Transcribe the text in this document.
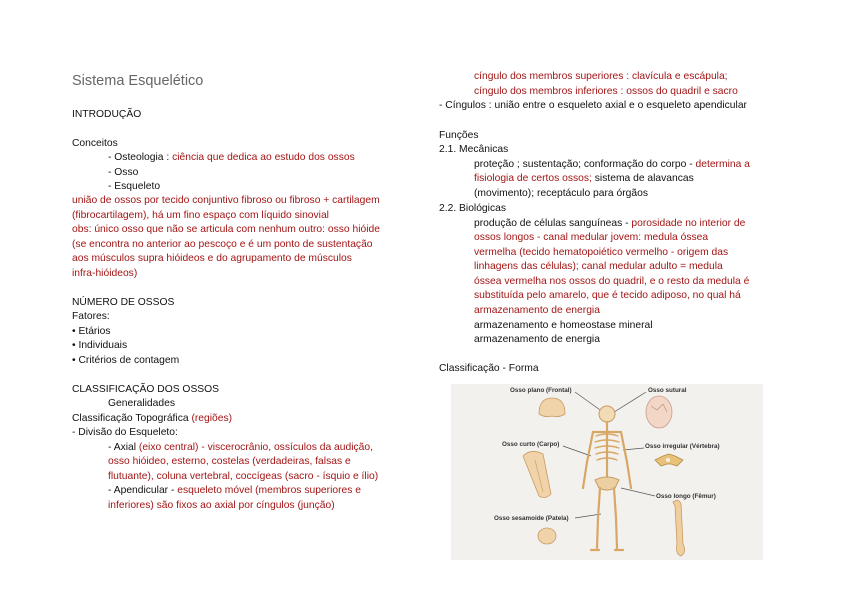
Sistema Esquelético
INTRODUÇÃO
Conceitos
- Osteologia : ciência que dedica ao estudo dos ossos
- Osso
- Esqueleto
união de ossos por tecido conjuntivo fibroso ou fibroso + cartilagem
(fibrocartilagem), há um fino espaço com líquido sinovial
obs: único osso que não se articula com nenhum outro: osso hióide
(se encontra no anterior ao pescoço e é um ponto de sustentação
aos músculos supra hióideos e do agrupamento de músculos
infra-hióideos)
NÚMERO DE OSSOS
Fatores:
• Etários
• Individuais
• Critérios de contagem
CLASSIFICAÇÃO DOS OSSOS
Generalidades
Classificação Topográfica (regiões)
- Divisão do Esqueleto:
- Axial (eixo central) - viscerocrânio, ossículos da audição,
osso hióideo, esterno, costelas (verdadeiras, falsas e
flutuante), coluna vertebral, coccígeas (sacro - ísquio e ílio)
- Apendicular - esqueleto móvel (membros superiores e
inferiores) são fixos ao axial por cíngulos (junção)
cíngulo dos membros superiores : clavícula e escápula;
cíngulo dos membros inferiores : ossos do quadril e sacro
- Cíngulos : união entre o esqueleto axial e o esqueleto apendicular
Funções
2.1. Mecânicas
proteção ; sustentação; conformação do corpo - determina a
fisiologia de certos ossos; sistema de alavancas
(movimento); receptáculo para órgãos
2.2. Biológicas
produção de células sanguíneas - porosidade no interior de
ossos longos - canal medular jovem: medula óssea
vermelha (tecido hematopoiético vermelho - origem das
linhagens das células); canal medular adulto = medula
óssea vermelha nos ossos do quadril, e o resto da medula é
substituída pelo amarelo, que é tecido adiposo, no qual há
armazenamento de energia
armazenamento e homeostase mineral
armazenamento de energia
Classificação - Forma
Osso plano (Frontal)	Osso sutural
Osso curto (Carpo)	Osso irregular (Vértebra)
Osso longo (Fêmur)
Osso sesamoide (Patela)
